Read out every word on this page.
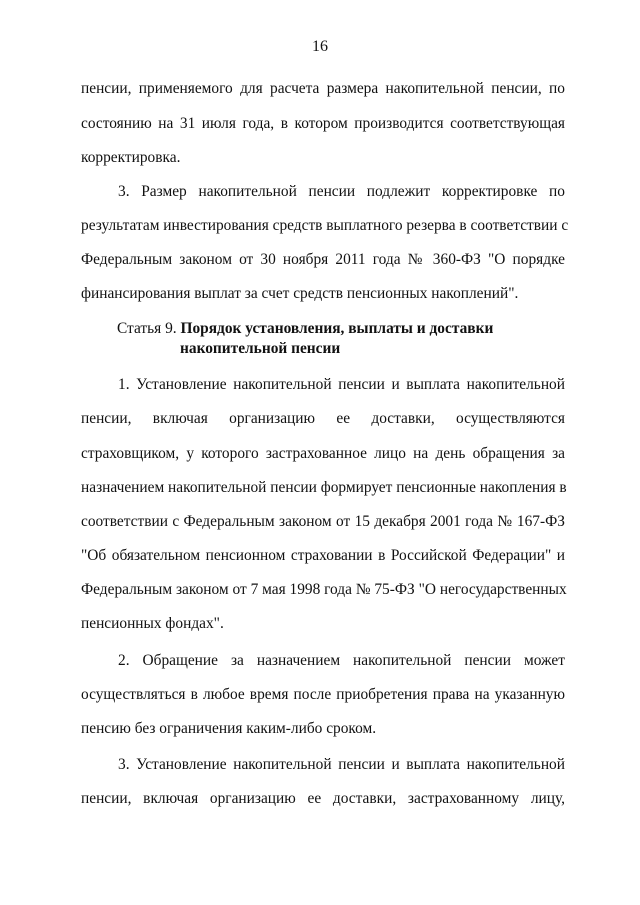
16
пенсии, применяемого для расчета размера накопительной пенсии, по
состоянию на 31 июля года, в котором производится соответствующая
корректировка.
3. Размер накопительной пенсии подлежит корректировке по
результатам инвестирования средств выплатного резерва в соответствии с
Федеральным законом от 30 ноября 2011 года № 360-ФЗ "О порядке
финансирования выплат за счет средств пенсионных накоплений".
Статья 9. Порядок установления, выплаты и доставки
накопительной пенсии
1. Установление накопительной пенсии и выплата накопительной
пенсии, включая организацию ее доставки, осуществляются
страховщиком, у которого застрахованное лицо на день обращения за
назначением накопительной пенсии формирует пенсионные накопления в
соответствии с Федеральным законом от 15 декабря 2001 года № 167-ФЗ
"Об обязательном пенсионном страховании в Российской Федерации" и
Федеральным законом от 7 мая 1998 года № 75-ФЗ "О негосударственных
пенсионных фондах".
2. Обращение за назначением накопительной пенсии может
осуществляться в любое время после приобретения права на указанную
пенсию без ограничения каким-либо сроком.
3. Установление накопительной пенсии и выплата накопительной
пенсии, включая организацию ее доставки, застрахованному лицу,
